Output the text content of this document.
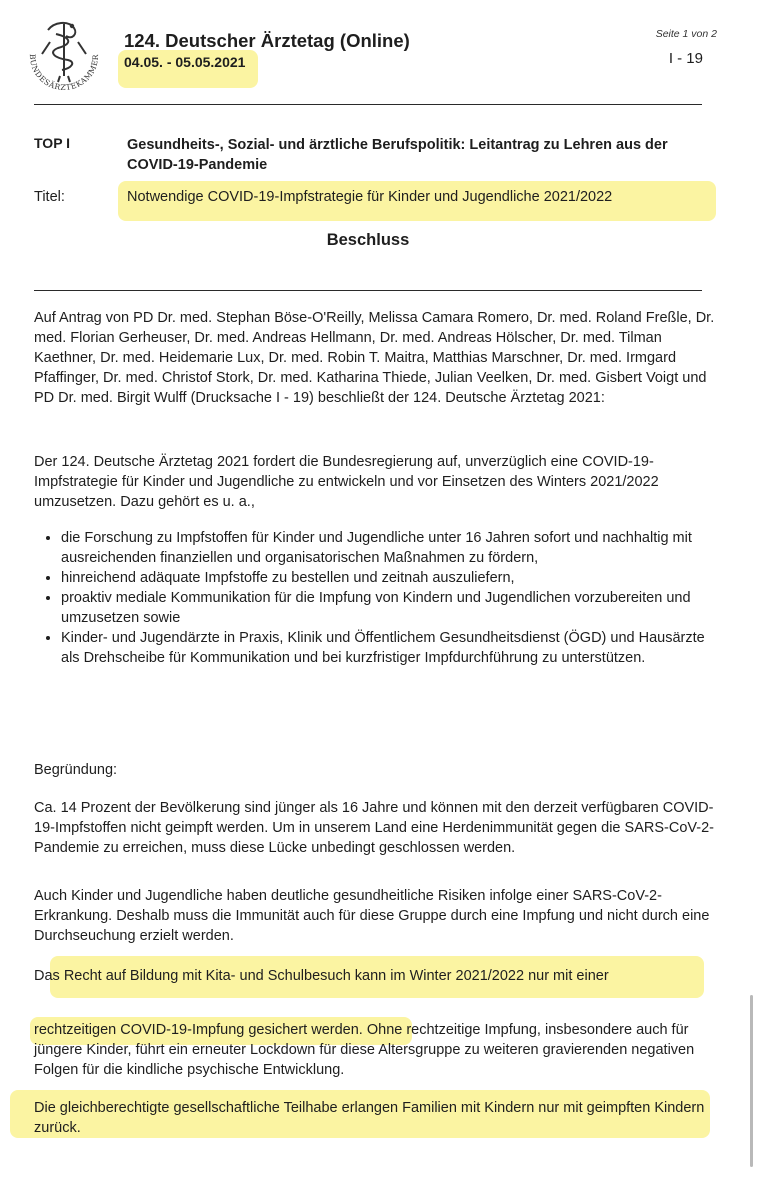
BUNDESÄRZTEKAMMER
124. Deutscher Ärztetag (Online)
04.05. - 05.05.2021
Seite 1 von 2
I - 19
TOP I	Gesundheits-, Sozial- und ärztliche Berufspolitik: Leitantrag zu Lehren aus der COVID-19-Pandemie
Titel:	Notwendige COVID-19-Impfstrategie für Kinder und Jugendliche 2021/2022
Beschluss

Auf Antrag von PD Dr. med. Stephan Böse-O'Reilly, Melissa Camara Romero, Dr. med. Roland Freßle, Dr. med. Florian Gerheuser, Dr. med. Andreas Hellmann, Dr. med. Andreas Hölscher, Dr. med. Tilman Kaethner, Dr. med. Heidemarie Lux, Dr. med. Robin T. Maitra, Matthias Marschner, Dr. med. Irmgard Pfaffinger, Dr. med. Christof Stork, Dr. med. Katharina Thiede, Julian Veelken, Dr. med. Gisbert Voigt und PD Dr. med. Birgit Wulff (Drucksache I - 19) beschließt der 124. Deutsche Ärztetag 2021:

Der 124. Deutsche Ärztetag 2021 fordert die Bundesregierung auf, unverzüglich eine COVID-19-Impfstrategie für Kinder und Jugendliche zu entwickeln und vor Einsetzen des Winters 2021/2022 umzusetzen. Dazu gehört es u. a.,

• die Forschung zu Impfstoffen für Kinder und Jugendliche unter 16 Jahren sofort und nachhaltig mit ausreichenden finanziellen und organisatorischen Maßnahmen zu fördern,
• hinreichend adäquate Impfstoffe zu bestellen und zeitnah auszuliefern,
• proaktiv mediale Kommunikation für die Impfung von Kindern und Jugendlichen vorzubereiten und umzusetzen sowie
• Kinder- und Jugendärzte in Praxis, Klinik und Öffentlichem Gesundheitsdienst (ÖGD) und Hausärzte als Drehscheibe für Kommunikation und bei kurzfristiger Impfdurchführung zu unterstützen.

Begründung:

Ca. 14 Prozent der Bevölkerung sind jünger als 16 Jahre und können mit den derzeit verfügbaren COVID-19-Impfstoffen nicht geimpft werden. Um in unserem Land eine Herdenimmunität gegen die SARS-CoV-2-Pandemie zu erreichen, muss diese Lücke unbedingt geschlossen werden.

Auch Kinder und Jugendliche haben deutliche gesundheitliche Risiken infolge einer SARS-CoV-2-Erkrankung. Deshalb muss die Immunität auch für diese Gruppe durch eine Impfung und nicht durch eine Durchseuchung erzielt werden.

Das Recht auf Bildung mit Kita- und Schulbesuch kann im Winter 2021/2022 nur mit einer

rechtzeitigen COVID-19-Impfung gesichert werden. Ohne rechtzeitige Impfung, insbesondere auch für jüngere Kinder, führt ein erneuter Lockdown für diese Altersgruppe zu weiteren gravierenden negativen Folgen für die kindliche psychische Entwicklung.

Die gleichberechtigte gesellschaftliche Teilhabe erlangen Familien mit Kindern nur mit geimpften Kindern zurück.
